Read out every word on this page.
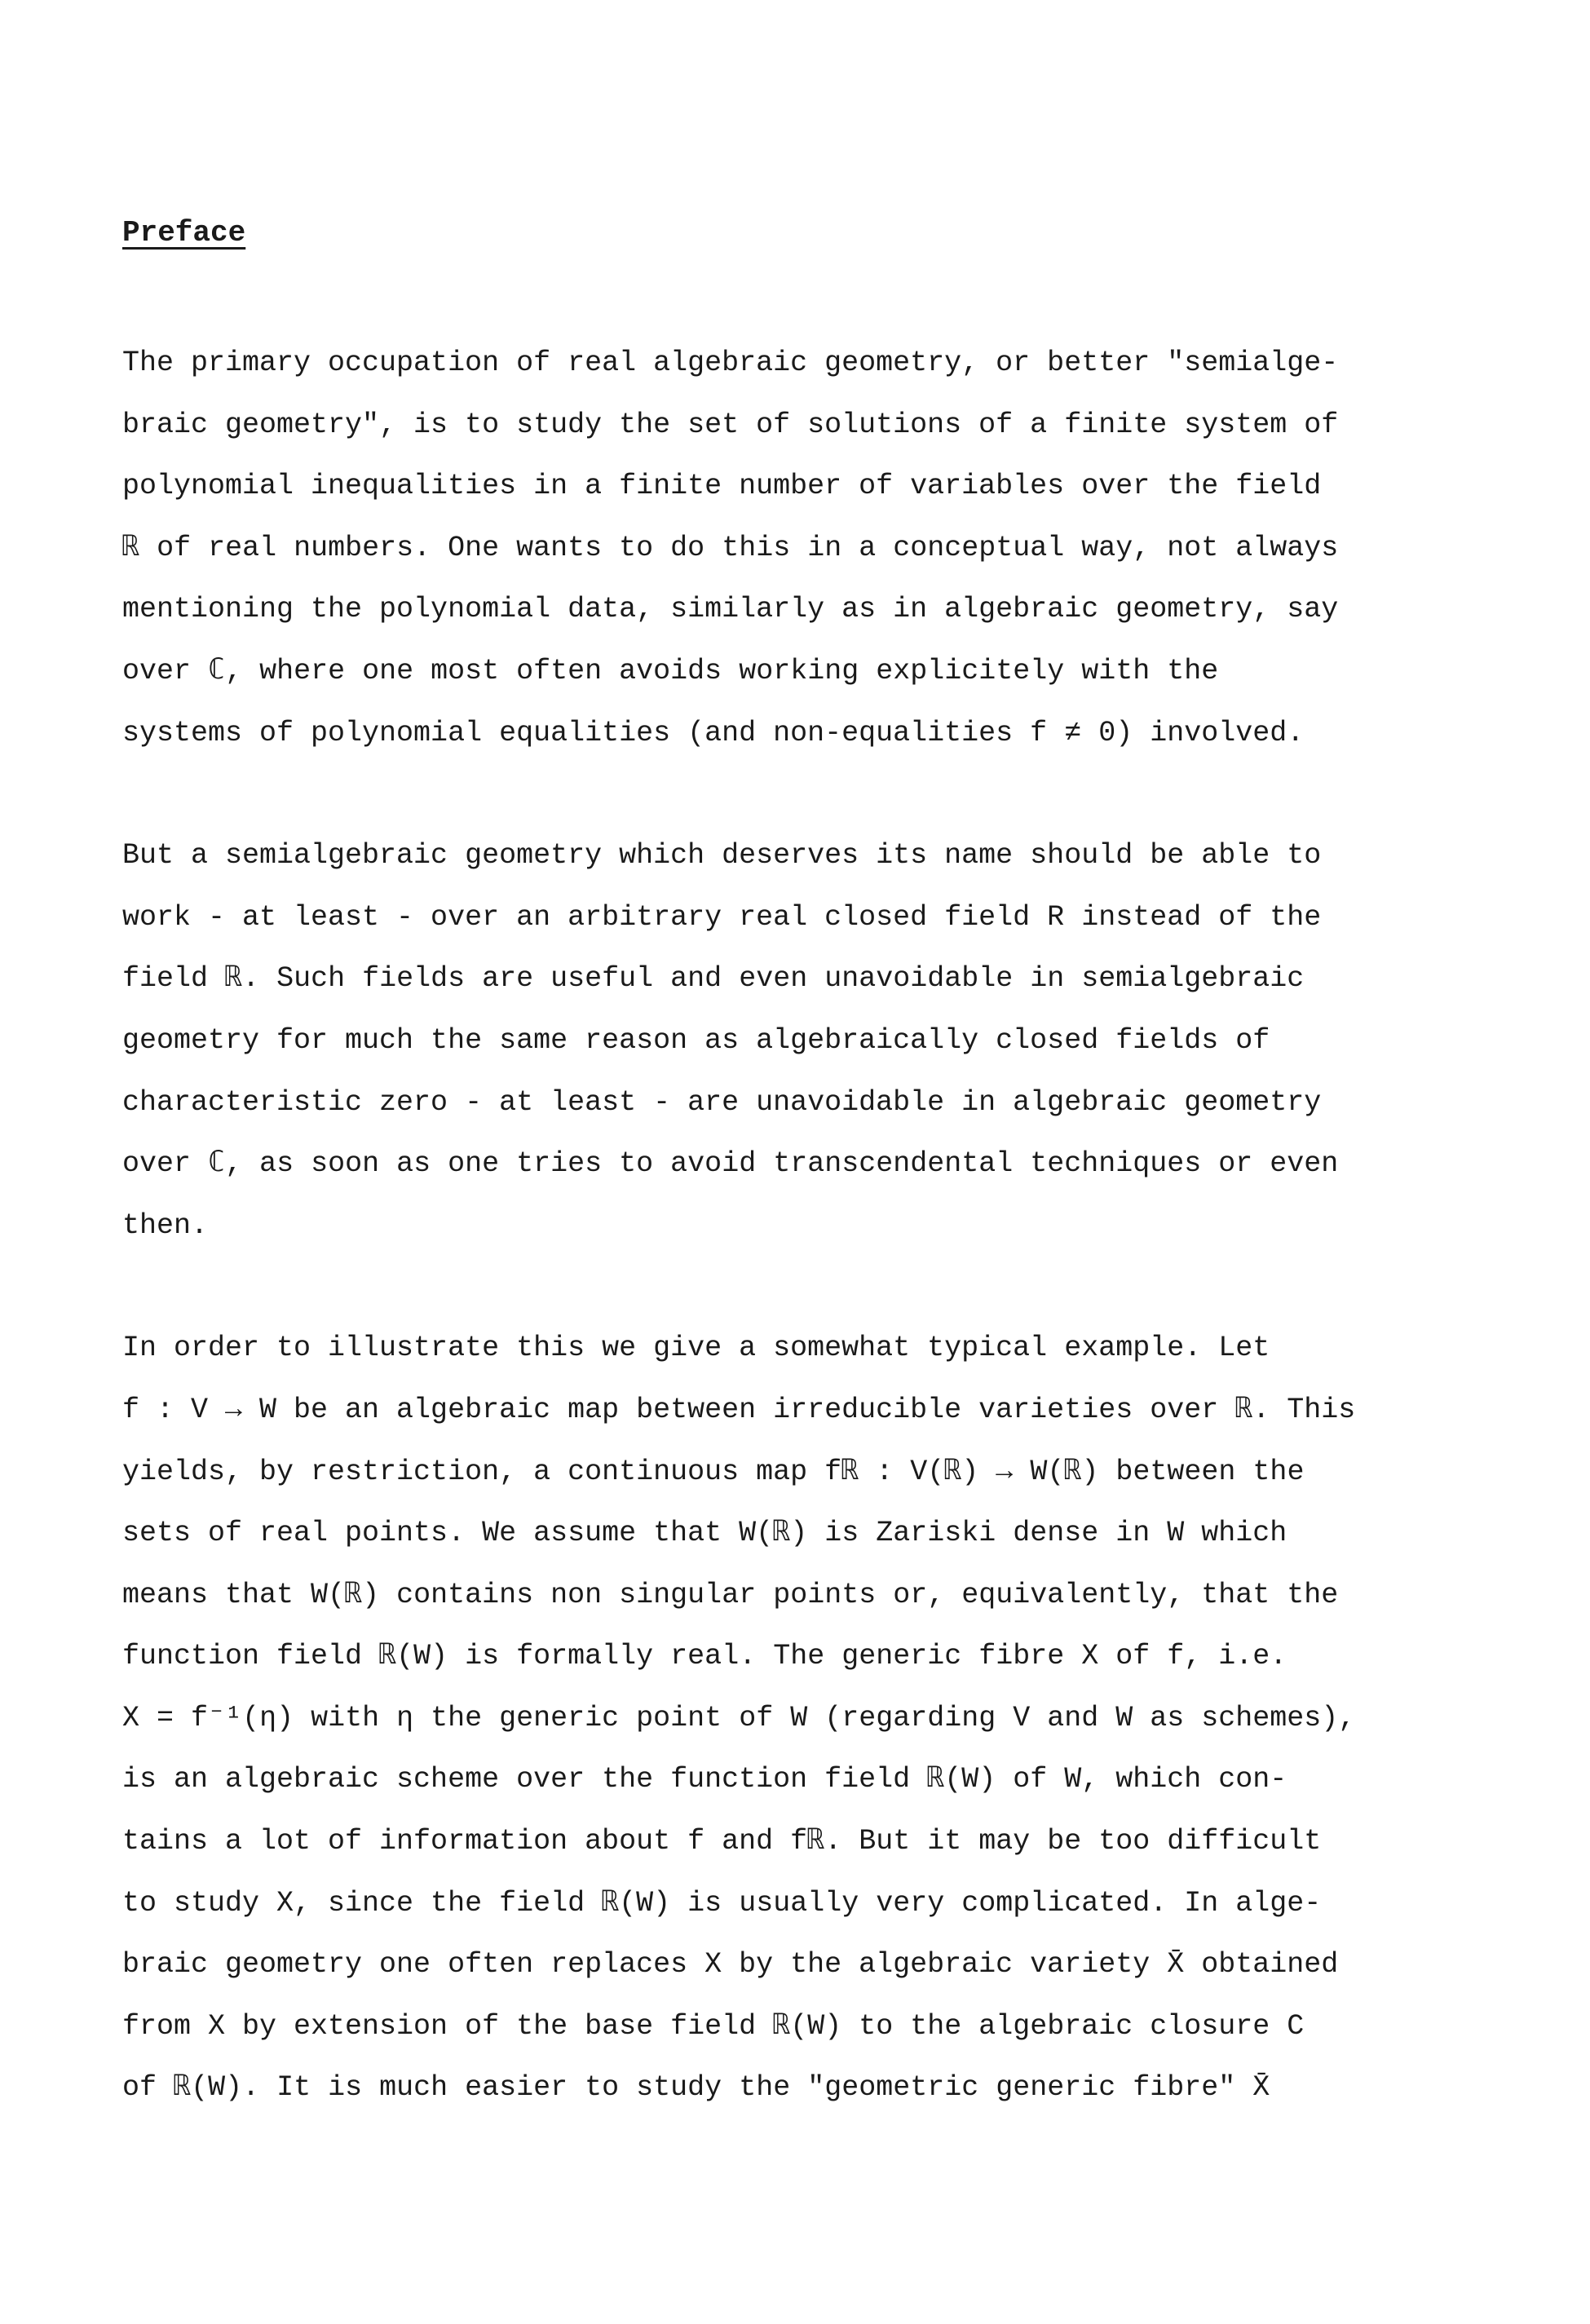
Preface

The primary occupation of real algebraic geometry, or better "semialge-
braic geometry", is to study the set of solutions of a finite system of
polynomial inequalities in a finite number of variables over the field
ℝ of real numbers. One wants to do this in a conceptual way, not always
mentioning the polynomial data, similarly as in algebraic geometry, say
over ℂ, where one most often avoids working explicitely with the
systems of polynomial equalities (and non-equalities f ≠ 0) involved.

But a semialgebraic geometry which deserves its name should be able to
work - at least - over an arbitrary real closed field R instead of the
field ℝ. Such fields are useful and even unavoidable in semialgebraic
geometry for much the same reason as algebraically closed fields of
characteristic zero - at least - are unavoidable in algebraic geometry
over ℂ, as soon as one tries to avoid transcendental techniques or even
then.

In order to illustrate this we give a somewhat typical example. Let
f : V → W be an algebraic map between irreducible varieties over ℝ. This
yields, by restriction, a continuous map fℝ : V(ℝ) → W(ℝ) between the
sets of real points. We assume that W(ℝ) is Zariski dense in W which
means that W(ℝ) contains non singular points or, equivalently, that the
function field ℝ(W) is formally real. The generic fibre X of f, i.e.
X = f⁻¹(η) with η the generic point of W (regarding V and W as schemes),
is an algebraic scheme over the function field ℝ(W) of W, which con-
tains a lot of information about f and fℝ. But it may be too difficult
to study X, since the field ℝ(W) is usually very complicated. In alge-
braic geometry one often replaces X by the algebraic variety X̄ obtained
from X by extension of the base field ℝ(W) to the algebraic closure C
of ℝ(W). It is much easier to study the "geometric generic fibre" X̄
